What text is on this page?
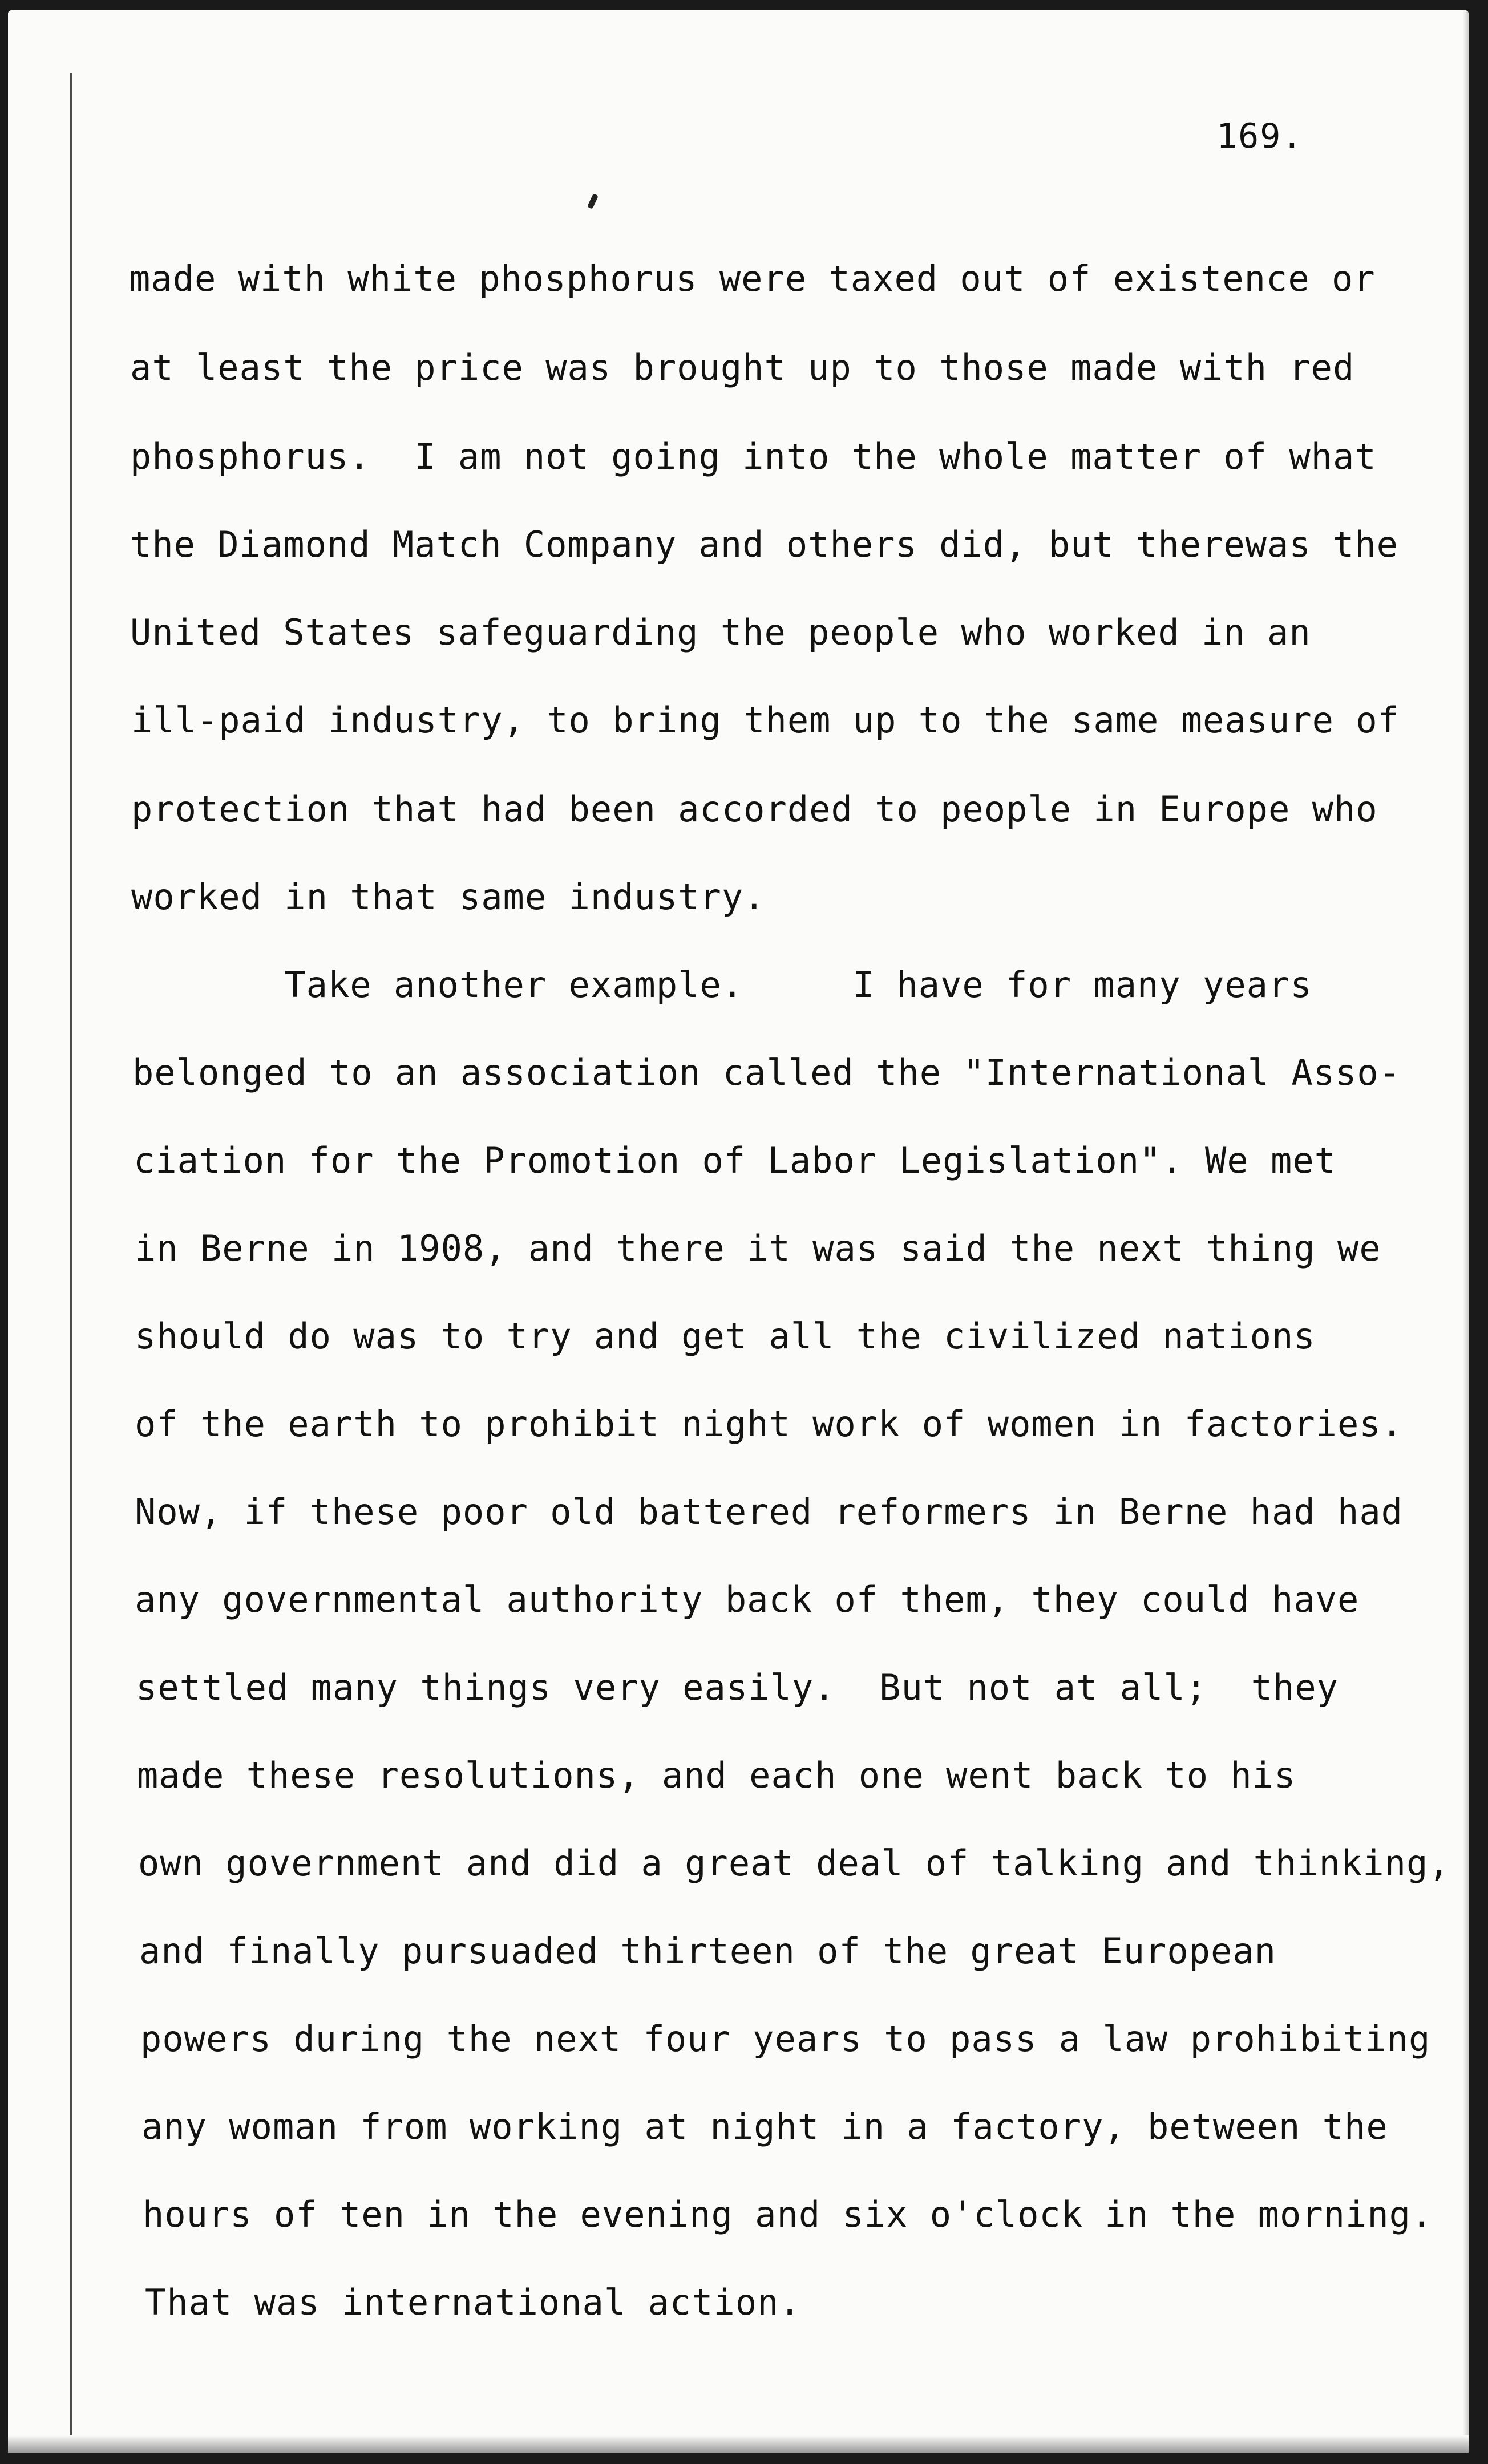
169.
made with white phosphorus were taxed out of existence or
at least the price was brought up to those made with red
phosphorus.  I am not going into the whole matter of what
the Diamond Match Company and others did, but therewas the
United States safeguarding the people who worked in an
ill-paid industry, to bring them up to the same measure of
protection that had been accorded to people in Europe who
worked in that same industry.
Take another example.     I have for many years
belonged to an association called the "International Asso-
ciation for the Promotion of Labor Legislation". We met
in Berne in 1908, and there it was said the next thing we
should do was to try and get all the civilized nations
of the earth to prohibit night work of women in factories.
Now, if these poor old battered reformers in Berne had had
any governmental authority back of them, they could have
settled many things very easily.  But not at all;  they
made these resolutions, and each one went back to his
own government and did a great deal of talking and thinking,
and finally pursuaded thirteen of the great European
powers during the next four years to pass a law prohibiting
any woman from working at night in a factory, between the
hours of ten in the evening and six o'clock in the morning.
That was international action.
